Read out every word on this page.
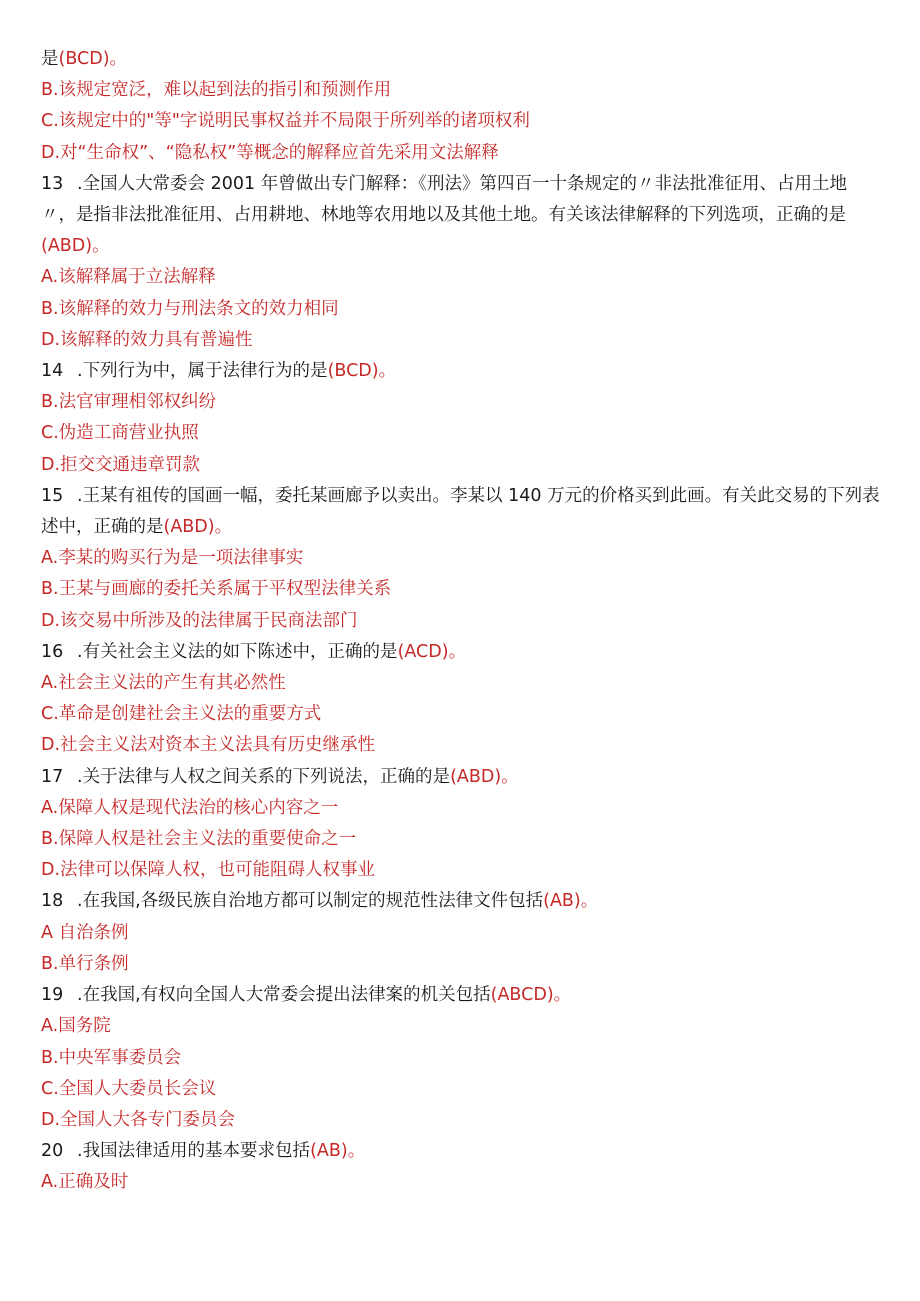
是(BCD)。
B.该规定宽泛，难以起到法的指引和预测作用
C.该规定中的"等"字说明民事权益并不局限于所列举的诸项权利
D.对“生命权”、“隐私权”等概念的解释应首先采用文法解释
13 .全国人大常委会 2001 年曾做出专门解释：《刑法》第四百一十条规定的〃非法批准征用、占用土地〃，是指非法批准征用、占用耕地、林地等农用地以及其他土地。有关该法律解释的下列选项，正确的是(ABD)。
A.该解释属于立法解释
B.该解释的效力与刑法条文的效力相同
D.该解释的效力具有普遍性
14 .下列行为中，属于法律行为的是(BCD)。
B.法官审理相邻权纠纷
C.伪造工商营业执照
D.拒交交通违章罚款
15 .王某有祖传的国画一幅，委托某画廊予以卖出。李某以 140 万元的价格买到此画。有关此交易的下列表述中，正确的是(ABD)。
A.李某的购买行为是一项法律事实
B.王某与画廊的委托关系属于平权型法律关系
D.该交易中所涉及的法律属于民商法部门
16 .有关社会主义法的如下陈述中，正确的是(ACD)。
A.社会主义法的产生有其必然性
C.革命是创建社会主义法的重要方式
D.社会主义法对资本主义法具有历史继承性
17 .关于法律与人权之间关系的下列说法，正确的是(ABD)。
A.保障人权是现代法治的核心内容之一
B.保障人权是社会主义法的重要使命之一
D.法律可以保障人权，也可能阻碍人权事业
18 .在我国,各级民族自治地方都可以制定的规范性法律文件包括(AB)。
A 自治条例
B.单行条例
19 .在我国,有权向全国人大常委会提出法律案的机关包括(ABCD)。
A.国务院
B.中央军事委员会
C.全国人大委员长会议
D.全国人大各专门委员会
20 .我国法律适用的基本要求包括(AB)。
A.正确及时
